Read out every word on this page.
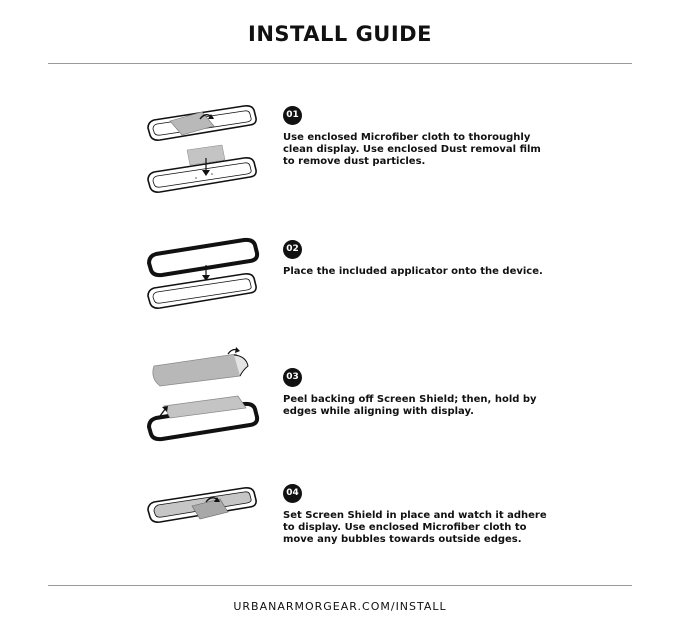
INSTALL GUIDE
01
Use enclosed Microfiber cloth to thoroughly clean display. Use enclosed Dust removal film to remove dust particles.
02
Place the included applicator onto the device.
03
Peel backing off Screen Shield; then, hold by edges while aligning with display.
04
Set Screen Shield in place and watch it adhere to display. Use enclosed Microfiber cloth to move any bubbles towards outside edges.
URBANARMORGEAR.COM/INSTALL
